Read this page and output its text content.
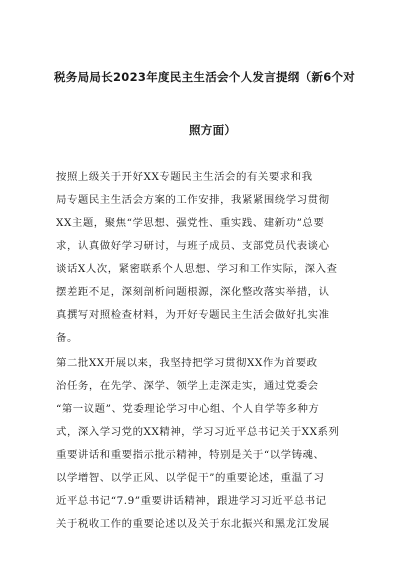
税务局局长2023年度民主生活会个人发言提纲（新6个对
照方面）
按照上级关于开好XX专题民主生活会的有关要求和我
局专题民主生活会方案的工作安排，我紧紧围绕学习贯彻
XX主题，聚焦“学思想、强党性、重实践、建新功”总要
求，认真做好学习研讨，与班子成员、支部党员代表谈心
谈话X人次，紧密联系个人思想、学习和工作实际，深入查
摆差距不足，深刻剖析问题根源，深化整改落实举措，认
真撰写对照检查材料，为开好专题民主生活会做好扎实准
备。
第二批XX开展以来，我坚持把学习贯彻XX作为首要政
治任务，在先学、深学、领学上走深走实，通过党委会
“第一议题”、党委理论学习中心组、个人自学等多种方
式，深入学习党的XX精神，学习习近平总书记关于XX系列
重要讲话和重要指示批示精神，特别是关于“以学铸魂、
以学增智、以学正风、以学促干”的重要论述，重温了习
近平总书记“7.9”重要讲话精神，跟进学习习近平总书记
关于税收工作的重要论述以及关于东北振兴和黑龙江发展
